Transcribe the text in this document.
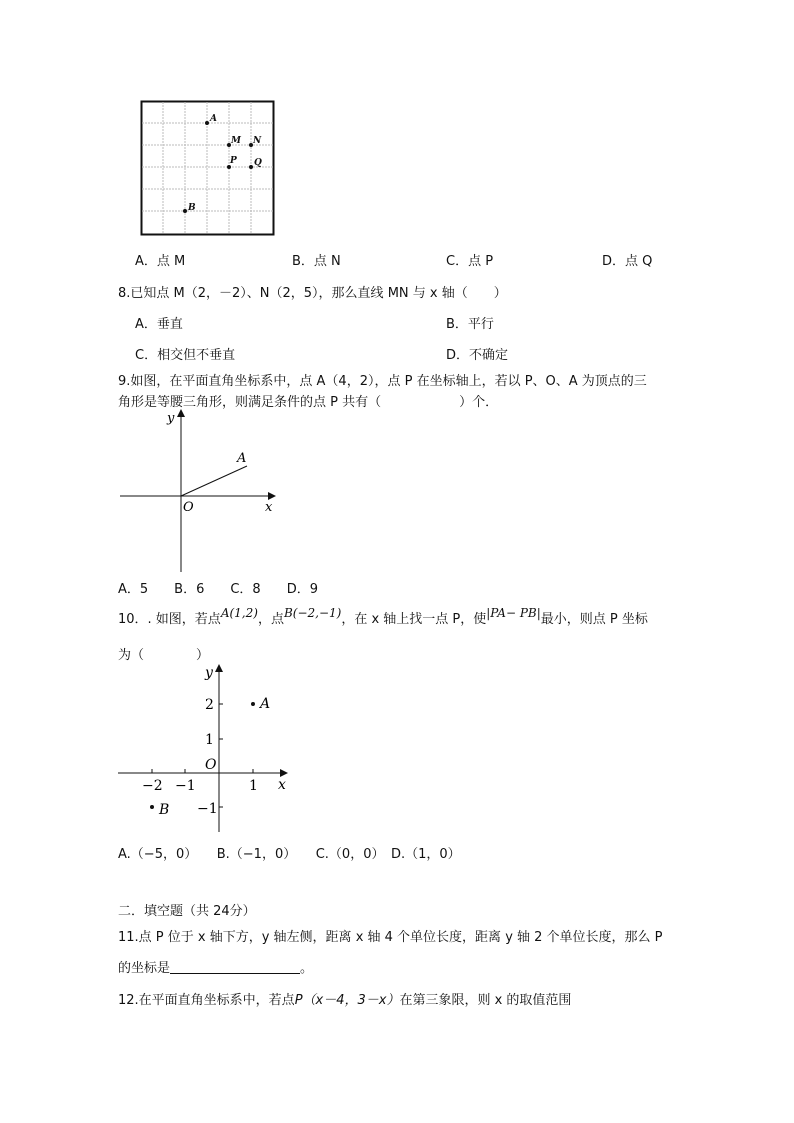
A
M N
P Q
B
A．点 M	B．点 N	C．点 P	D．点 Q
8.已知点 M（2，－2）、N（2，5），那么直线 MN 与 x 轴（　　）
A．垂直	B．平行
C．相交但不垂直	D．不确定
9.如图，在平面直角坐标系中，点 A（4，2），点 P 在坐标轴上，若以 P、O、A 为顶点的三
角形是等腰三角形，则满足条件的点 P 共有（　　　　　　）个．
y
x
O
A
A．5　　B．6　　C．8　　D．9
10．. 如图，若点A(1,2)，点B(−2,−1)，在 x 轴上找一点 P，使|PA− PB|最小，则点 P 坐标
为（　　　　）
y
x
O
2
1
−1
−2 −1	1
A
B
A.（−5，0）　　B.（−1，0）　　C.（0，0）　D.（1，0）
二．填空题（共 24分）
11.点 P 位于 x 轴下方，y 轴左侧，距离 x 轴 4 个单位长度，距离 y 轴 2 个单位长度，那么 P
的坐标是	。
12.在平面直角坐标系中，若点P（x－4，3－x）在第三象限，则 x 的取值范围
